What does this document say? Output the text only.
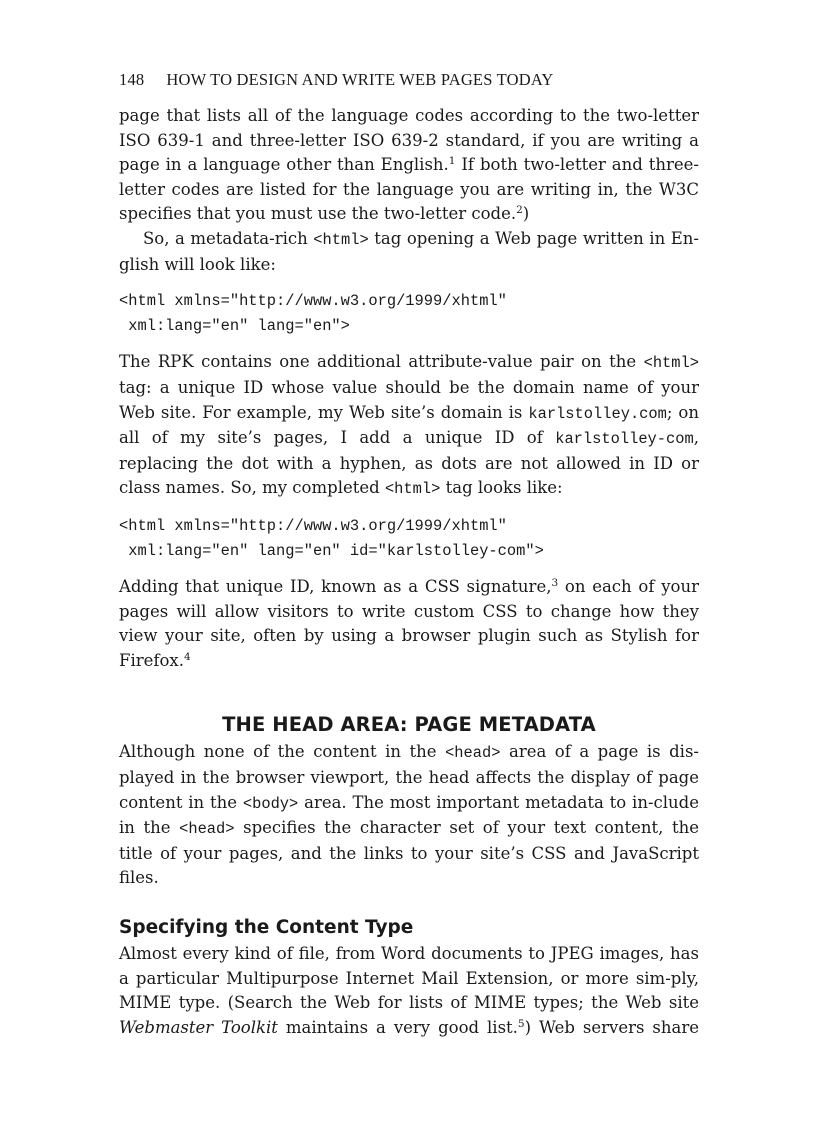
148 HOW TO DESIGN AND WRITE WEB PAGES TODAY

page that lists all of the language codes according to the two-letter ISO 639-1 and three-letter ISO 639-2 standard, if you are writing a page in a language other than English.$^1$ If both two-letter and three-letter codes are listed for the language you are writing in, the W3C specifies that you must use the two-letter code.$^2$)

So, a metadata-rich <html> tag opening a Web page written in En-glish will look like:

<html xmlns="http://www.w3.org/1999/xhtml"
xml:lang="en" lang="en">

The RPK contains one additional attribute-value pair on the <html> tag: a unique ID whose value should be the domain name of your Web site. For example, my Web site’s domain is karlstolley.com; on all of my site’s pages, I add a unique ID of karlstolley-com, replacing the dot with a hyphen, as dots are not allowed in ID or class names. So, my completed <html> tag looks like:

<html xmlns="http://www.w3.org/1999/xhtml"
xml:lang="en" lang="en" id="karlstolley-com">

Adding that unique ID, known as a CSS signature,$^3$ on each of your pages will allow visitors to write custom CSS to change how they view your site, often by using a browser plugin such as Stylish for Firefox.$^4$

THE HEAD AREA: PAGE METADATA

Although none of the content in the <head> area of a page is dis-played in the browser viewport, the head affects the display of page content in the <body> area. The most important metadata to in-clude in the <head> specifies the character set of your text content, the title of your pages, and the links to your site’s CSS and JavaScript files.

Specifying the Content Type

Almost every kind of file, from Word documents to JPEG images, has a particular Multipurpose Internet Mail Extension, or more sim-ply, MIME type. (Search the Web for lists of MIME types; the Web site Webmaster Toolkit maintains a very good list.$^5$) Web servers share
